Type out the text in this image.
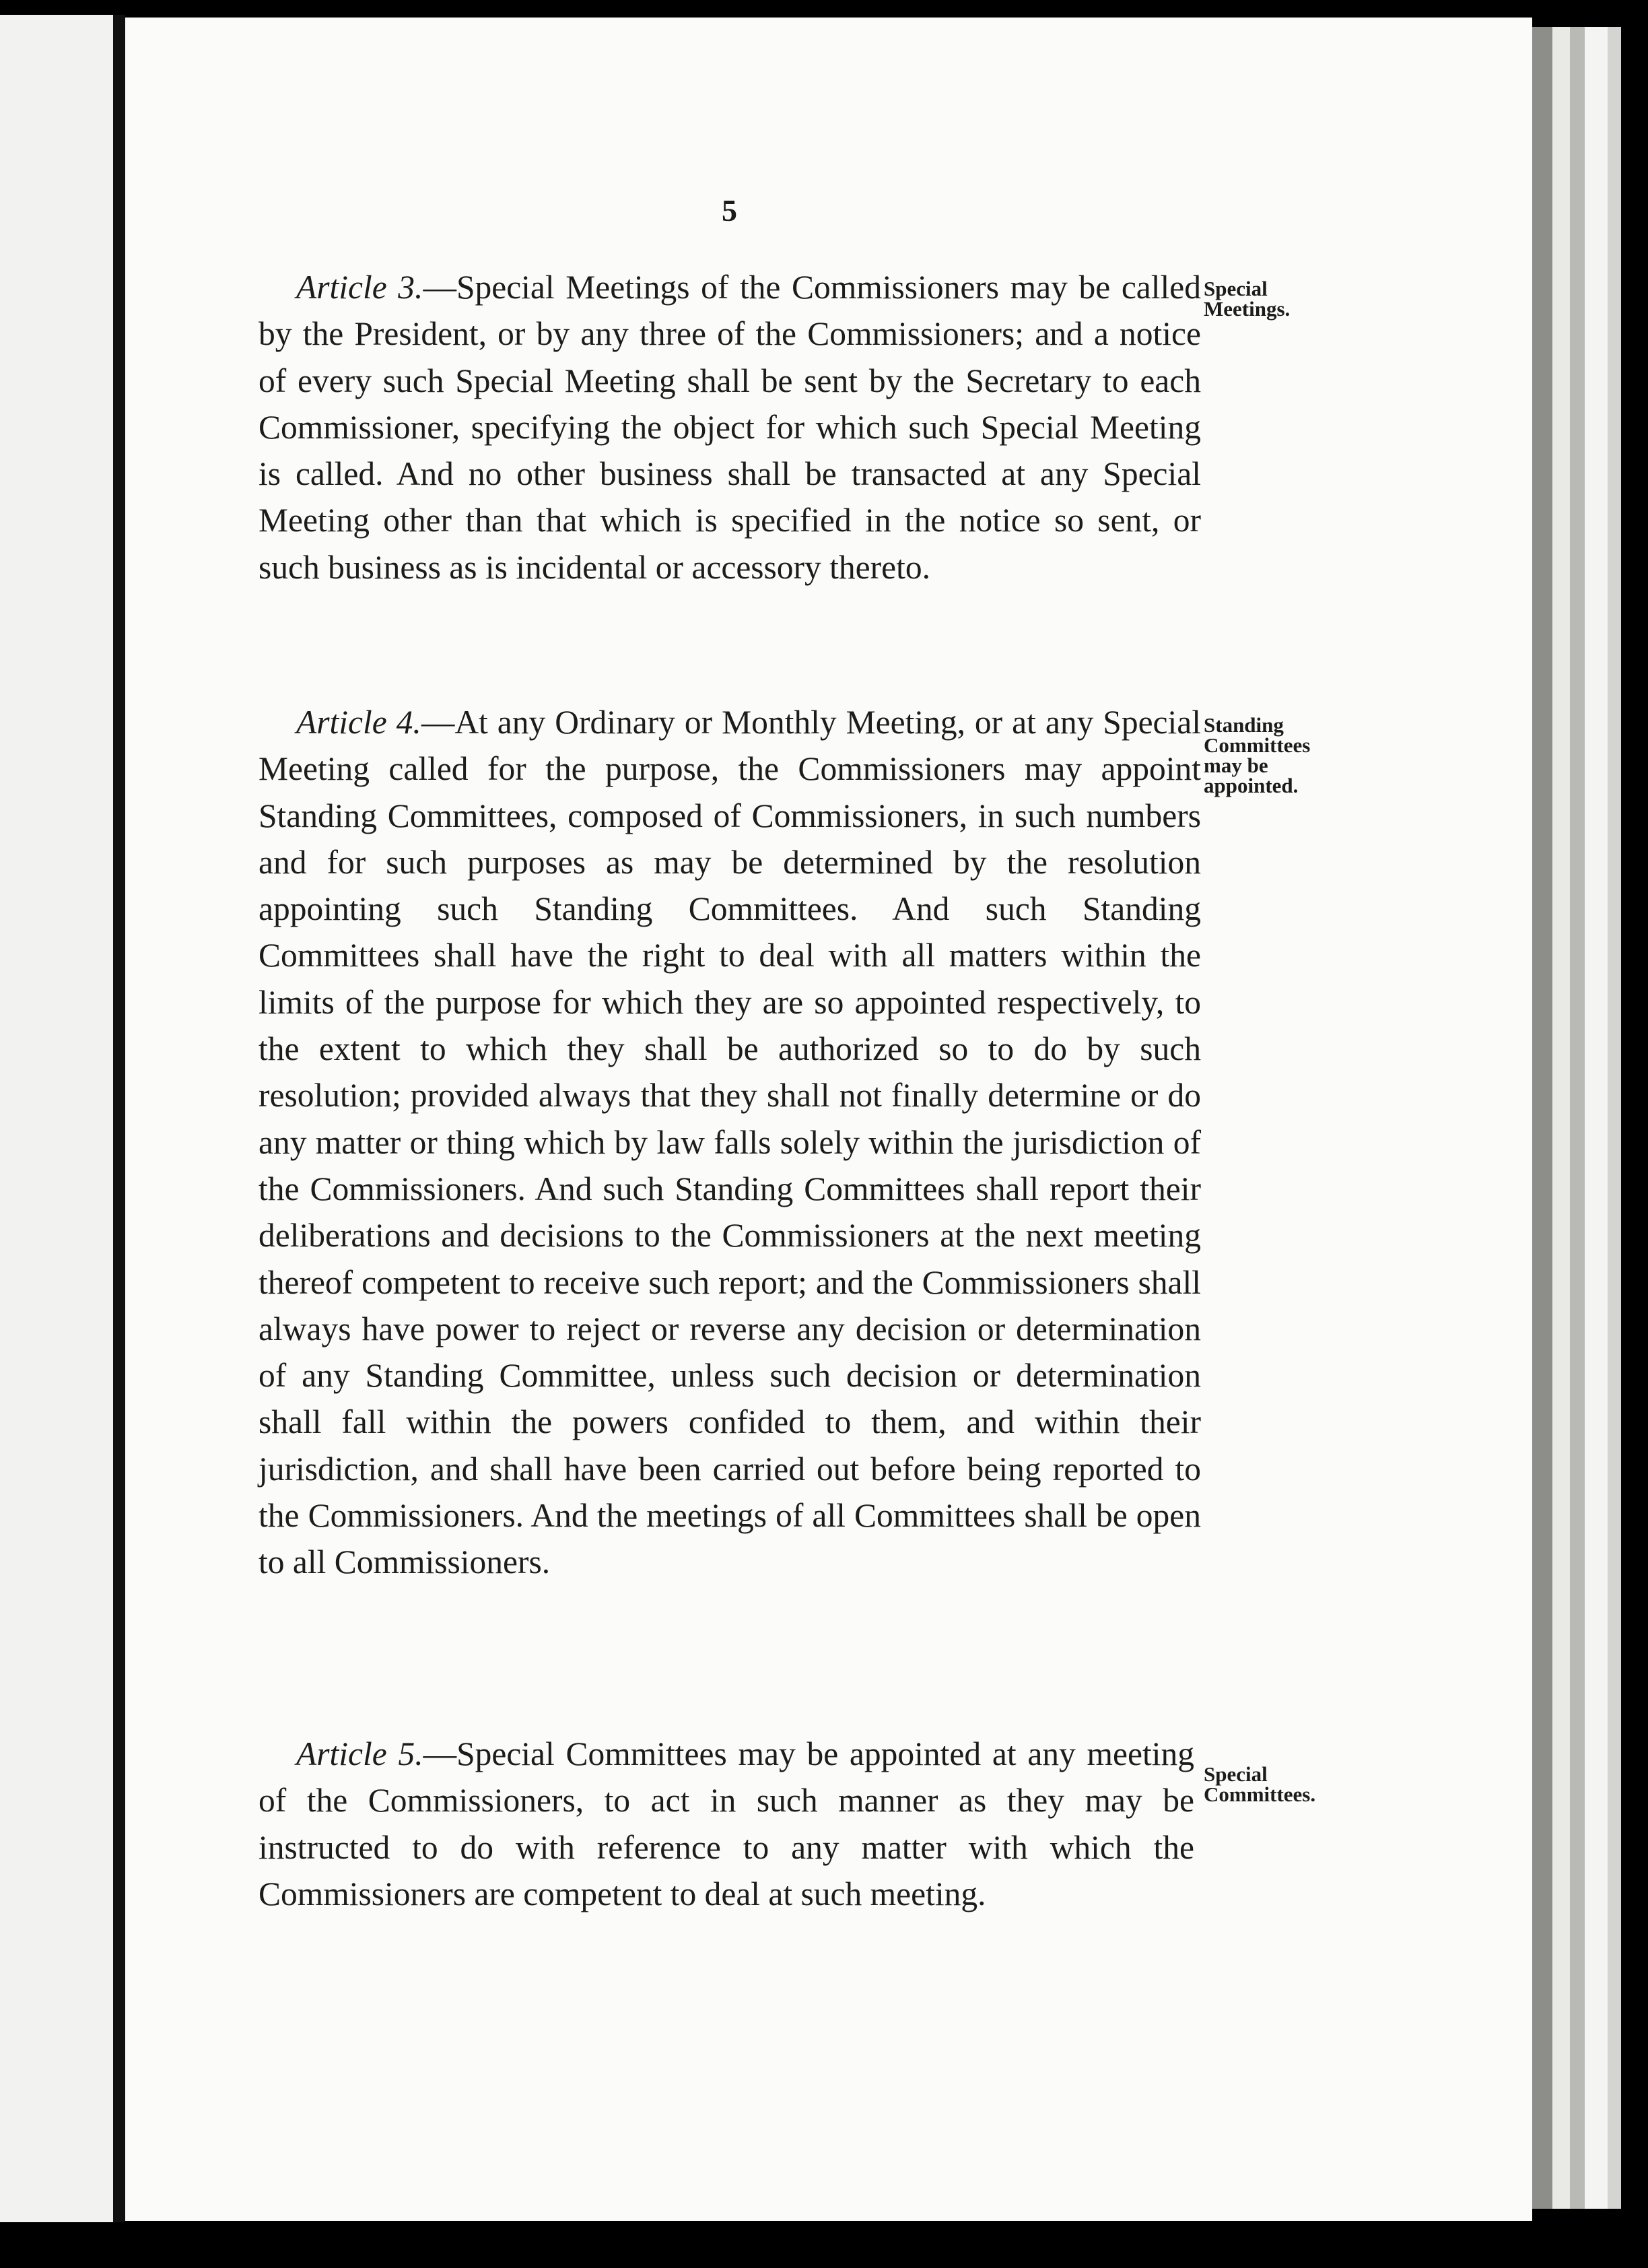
5

Article 3.—Special Meetings of the Commissioners may be called by the President, or by any three of the Commissioners; and a notice of every such Special Meeting shall be sent by the Secretary to each Commissioner, specifying the object for which such Special Meeting is called. And no other business shall be transacted at any Special Meeting other than that which is specified in the notice so sent, or such business as is incidental or accessory thereto.

Special Meetings.

Article 4.—At any Ordinary or Monthly Meeting, or at any Special Meeting called for the purpose, the Commissioners may appoint Standing Committees, composed of Commissioners, in such numbers and for such purposes as may be determined by the resolution appointing such Standing Committees. And such Standing Committees shall have the right to deal with all matters within the limits of the purpose for which they are so appointed respectively, to the extent to which they shall be authorized so to do by such resolution; provided always that they shall not finally determine or do any matter or thing which by law falls solely within the jurisdiction of the Commissioners. And such Standing Committees shall report their deliberations and decisions to the Commissioners at the next meeting thereof competent to receive such report; and the Commissioners shall always have power to reject or reverse any decision or determination of any Standing Committee, unless such decision or determination shall fall within the powers confided to them, and within their jurisdiction, and shall have been carried out before being reported to the Commissioners. And the meetings of all Committees shall be open to all Commissioners.

Standing Committees may be appointed.

Article 5.—Special Committees may be appointed at any meeting of the Commissioners, to act in such manner as they may be instructed to do with reference to any matter with which the Commissioners are competent to deal at such meeting.

Special Committees.
